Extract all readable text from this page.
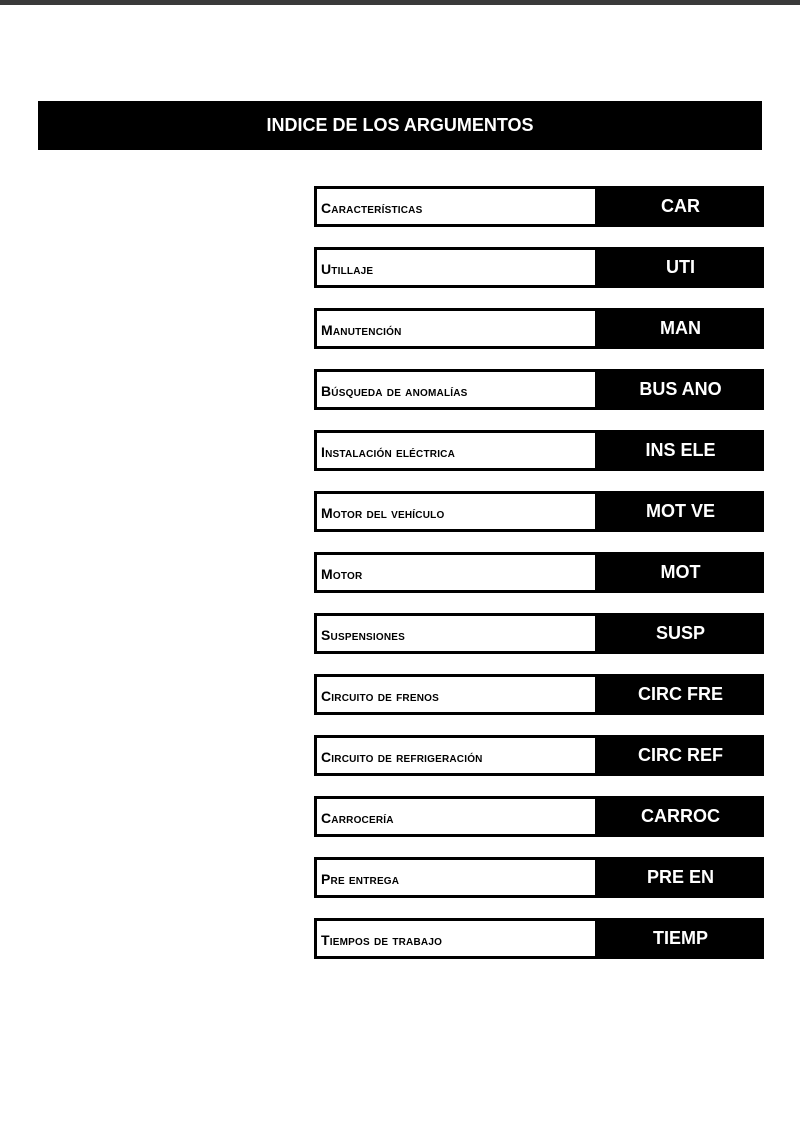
INDICE DE LOS ARGUMENTOS
Características	CAR
Utillaje	UTI
Manutención	MAN
Búsqueda de anomalías	BUS ANO
Instalación eléctrica	INS ELE
Motor del vehículo	MOT VE
Motor	MOT
Suspensiones	SUSP
Circuito de frenos	CIRC FRE
Circuito de refrigeración	CIRC REF
Carrocería	CARROC
Pre entrega	PRE EN
Tiempos de trabajo	TIEMP
